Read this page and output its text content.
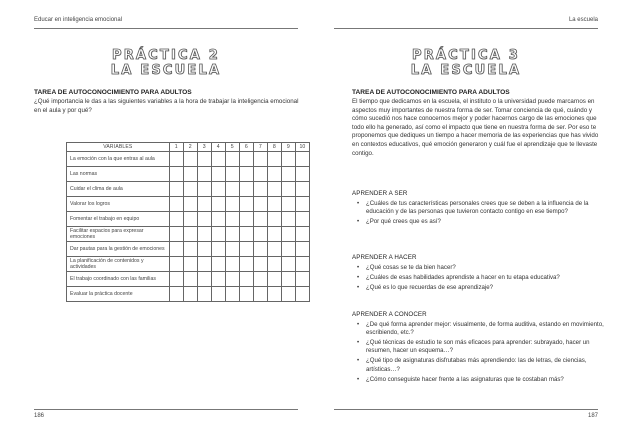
Educar en inteligencia emocional
PRÁCTICA 2
LA ESCUELA
TAREA DE AUTOCONOCIMIENTO PARA ADULTOS
¿Qué importancia le das a las siguientes variables a la hora de trabajar la inteligencia emocional en el aula y por qué?
VARIABLES	1	2	3	4	5	6	7	8	9	10
La emoción con la que entras al aula										
Las normas										
Cuidar el clima de aula										
Valorar los logros										
Fomentar el trabajo en equipo										
Facilitar espacios para expresar emociones										
Dar pautas para la gestión de emociones										
La planificación de contenidos y actividades										
El trabajo coordinado con las familias										
Evaluar la práctica docente										
186
La escuela
PRÁCTICA 3
LA ESCUELA
TAREA DE AUTOCONOCIMIENTO PARA ADULTOS
El tiempo que dedicamos en la escuela, el instituto o la universidad puede marcarnos en aspectos muy importantes de nuestra forma de ser. Tomar conciencia de qué, cuándo y cómo sucedió nos hace conocernos mejor y poder hacernos cargo de las emociones que todo ello ha generado, así como el impacto que tiene en nuestra forma de ser. Por eso te proponemos que dediques un tiempo a hacer memoria de las experiencias que has vivido en contextos educativos, qué emoción generaron y cuál fue el aprendizaje que te llevaste contigo.
APRENDER A SER
• ¿Cuáles de tus características personales crees que se deben a la influencia de la educación y de las personas que tuvieron contacto contigo en ese tiempo?
• ¿Por qué crees que es así?
APRENDER A HACER
• ¿Qué cosas se te da bien hacer?
• ¿Cuáles de esas habilidades aprendiste a hacer en tu etapa educativa?
• ¿Qué es lo que recuerdas de ese aprendizaje?
APRENDER A CONOCER
• ¿De qué forma aprender mejor: visualmente, de forma auditiva, estando en movimiento, escribiendo, etc.?
• ¿Qué técnicas de estudio te son más eficaces para aprender: subrayado, hacer un resumen, hacer un esquema…?
• ¿Qué tipo de asignaturas disfrutabas más aprendiendo: las de letras, de ciencias, artísticas…?
• ¿Cómo conseguiste hacer frente a las asignaturas que te costaban más?
187
